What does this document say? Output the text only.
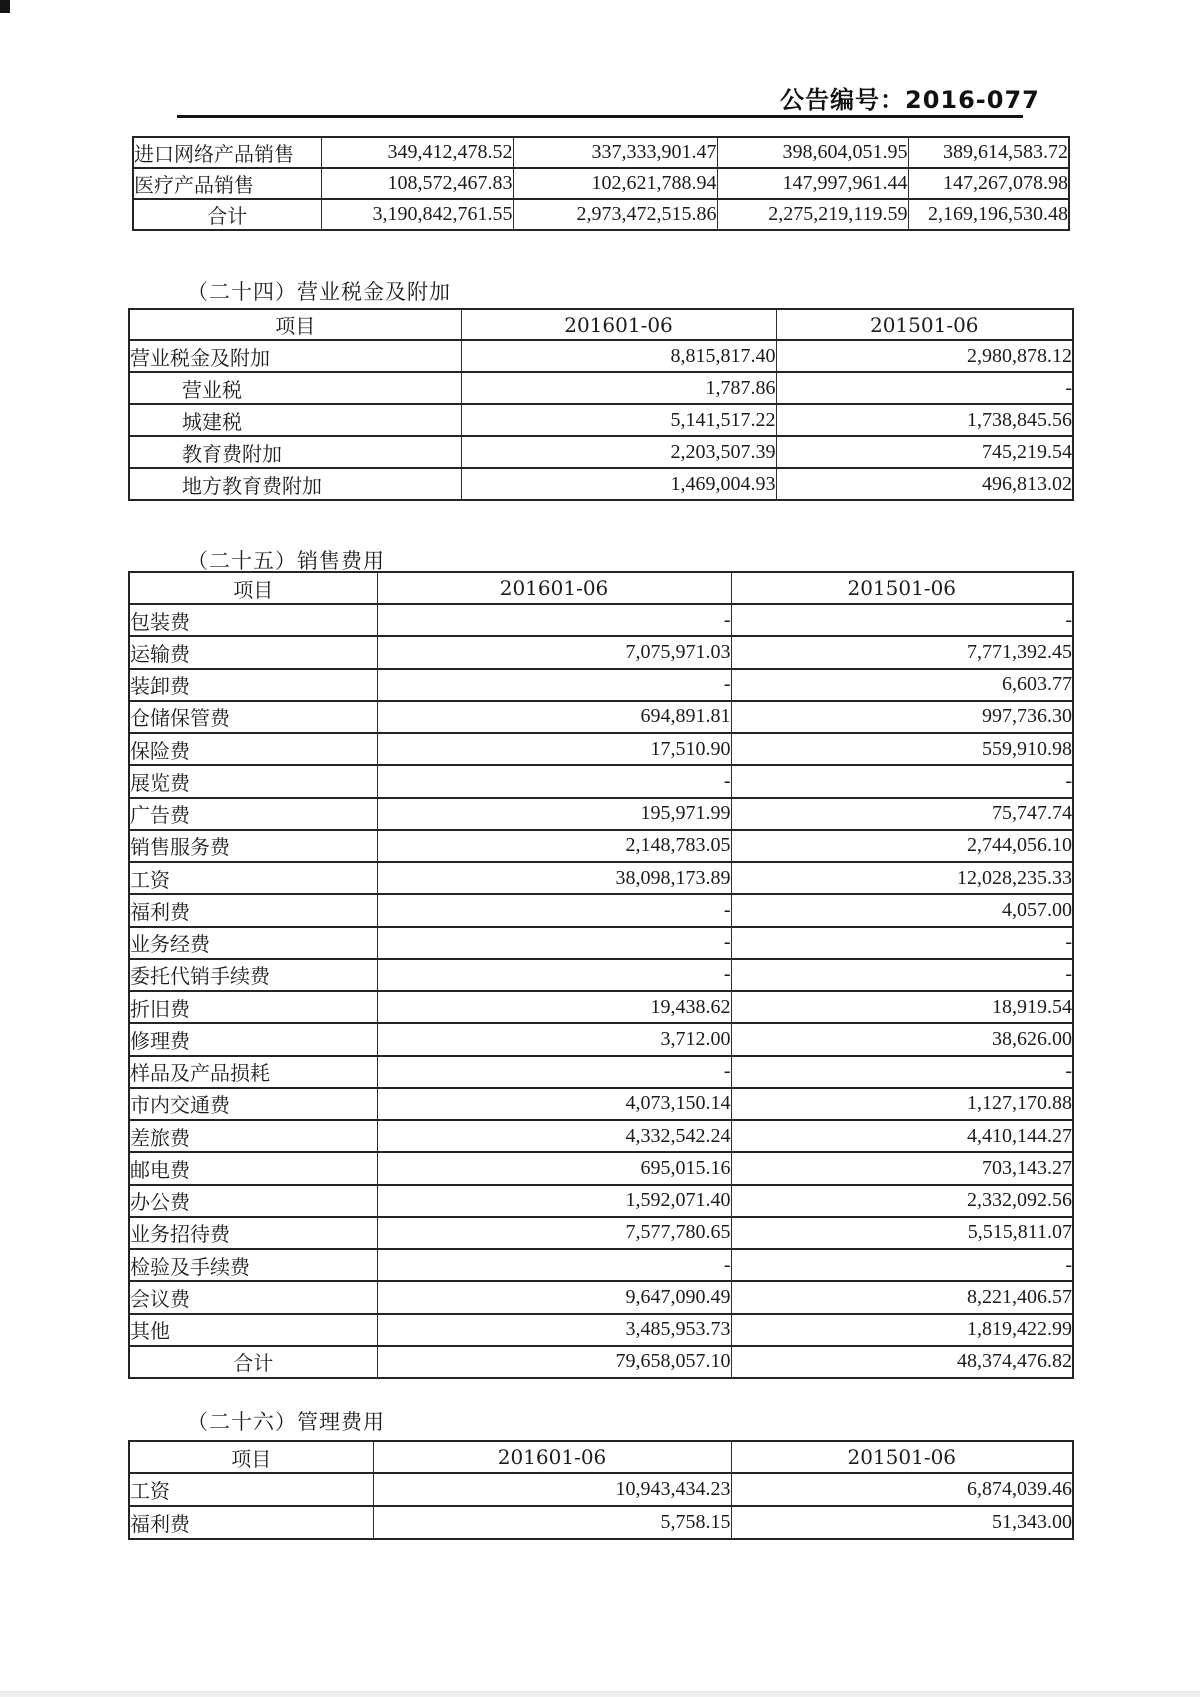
公告编号：2016-077
进口网络产品销售	349,412,478.52	337,333,901.47	398,604,051.95	389,614,583.72
医疗产品销售	108,572,467.83	102,621,788.94	147,997,961.44	147,267,078.98
合计	3,190,842,761.55	2,973,472,515.86	2,275,219,119.59	2,169,196,530.48
（二十四）营业税金及附加
项目	201601-06	201501-06
营业税金及附加	8,815,817.40	2,980,878.12
营业税	1,787.86	-
城建税	5,141,517.22	1,738,845.56
教育费附加	2,203,507.39	745,219.54
地方教育费附加	1,469,004.93	496,813.02
（二十五）销售费用
项目	201601-06	201501-06
包装费	-	-
运输费	7,075,971.03	7,771,392.45
装卸费	-	6,603.77
仓储保管费	694,891.81	997,736.30
保险费	17,510.90	559,910.98
展览费	-	-
广告费	195,971.99	75,747.74
销售服务费	2,148,783.05	2,744,056.10
工资	38,098,173.89	12,028,235.33
福利费	-	4,057.00
业务经费	-	-
委托代销手续费	-	-
折旧费	19,438.62	18,919.54
修理费	3,712.00	38,626.00
样品及产品损耗	-	-
市内交通费	4,073,150.14	1,127,170.88
差旅费	4,332,542.24	4,410,144.27
邮电费	695,015.16	703,143.27
办公费	1,592,071.40	2,332,092.56
业务招待费	7,577,780.65	5,515,811.07
检验及手续费	-	-
会议费	9,647,090.49	8,221,406.57
其他	3,485,953.73	1,819,422.99
合计	79,658,057.10	48,374,476.82
（二十六）管理费用
项目	201601-06	201501-06
工资	10,943,434.23	6,874,039.46
福利费	5,758.15	51,343.00
